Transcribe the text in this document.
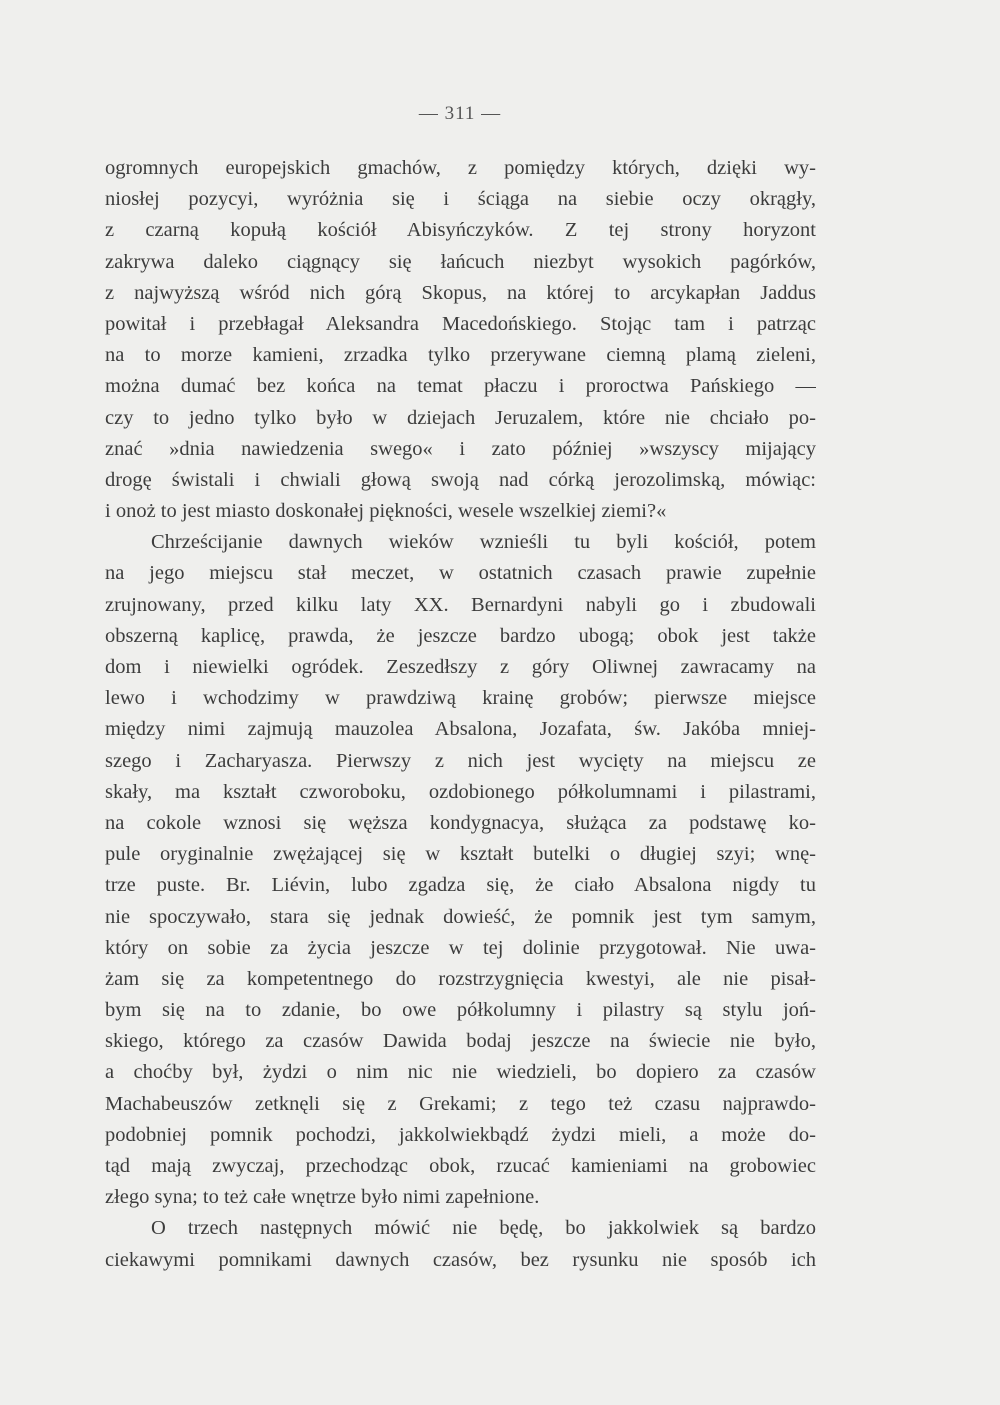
— 311 —
ogromnych europejskich gmachów, z pomiędzy których, dzięki wy-
niosłej pozycyi, wyróżnia się i ściąga na siebie oczy okrągły,
z czarną kopułą kościół Abisyńczyków. Z tej strony horyzont
zakrywa daleko ciągnący się łańcuch niezbyt wysokich pagórków,
z najwyższą wśród nich górą Skopus, na której to arcykapłan Jaddus
powitał i przebłagał Aleksandra Macedońskiego. Stojąc tam i patrząc
na to morze kamieni, zrzadka tylko przerywane ciemną plamą zieleni,
można dumać bez końca na temat płaczu i proroctwa Pańskiego —
czy to jedno tylko było w dziejach Jeruzalem, które nie chciało po-
znać »dnia nawiedzenia swego« i zato później »wszyscy mijający
drogę świstali i chwiali głową swoją nad córką jerozolimską, mówiąc:
i onoż to jest miasto doskonałej piękności, wesele wszelkiej ziemi?«
Chrześcijanie dawnych wieków wznieśli tu byli kościół, potem
na jego miejscu stał meczet, w ostatnich czasach prawie zupełnie
zrujnowany, przed kilku laty XX. Bernardyni nabyli go i zbudowali
obszerną kaplicę, prawda, że jeszcze bardzo ubogą; obok jest także
dom i niewielki ogródek. Zeszedłszy z góry Oliwnej zawracamy na
lewo i wchodzimy w prawdziwą krainę grobów; pierwsze miejsce
między nimi zajmują mauzolea Absalona, Jozafata, św. Jakóba mniej-
szego i Zacharyasza. Pierwszy z nich jest wycięty na miejscu ze
skały, ma kształt czworoboku, ozdobionego półkolumnami i pilastrami,
na cokole wznosi się węższa kondygnacya, służąca za podstawę ko-
pule oryginalnie zwężającej się w kształt butelki o długiej szyi; wnę-
trze puste. Br. Liévin, lubo zgadza się, że ciało Absalona nigdy tu
nie spoczywało, stara się jednak dowieść, że pomnik jest tym samym,
który on sobie za życia jeszcze w tej dolinie przygotował. Nie uwa-
żam się za kompetentnego do rozstrzygnięcia kwestyi, ale nie pisał-
bym się na to zdanie, bo owe półkolumny i pilastry są stylu joń-
skiego, którego za czasów Dawida bodaj jeszcze na świecie nie było,
a choćby był, żydzi o nim nic nie wiedzieli, bo dopiero za czasów
Machabeuszów zetknęli się z Grekami; z tego też czasu najprawdo-
podobniej pomnik pochodzi, jakkolwiekbądź żydzi mieli, a może do-
tąd mają zwyczaj, przechodząc obok, rzucać kamieniami na grobowiec
złego syna; to też całe wnętrze było nimi zapełnione.
O trzech następnych mówić nie będę, bo jakkolwiek są bardzo
ciekawymi pomnikami dawnych czasów, bez rysunku nie sposób ich
